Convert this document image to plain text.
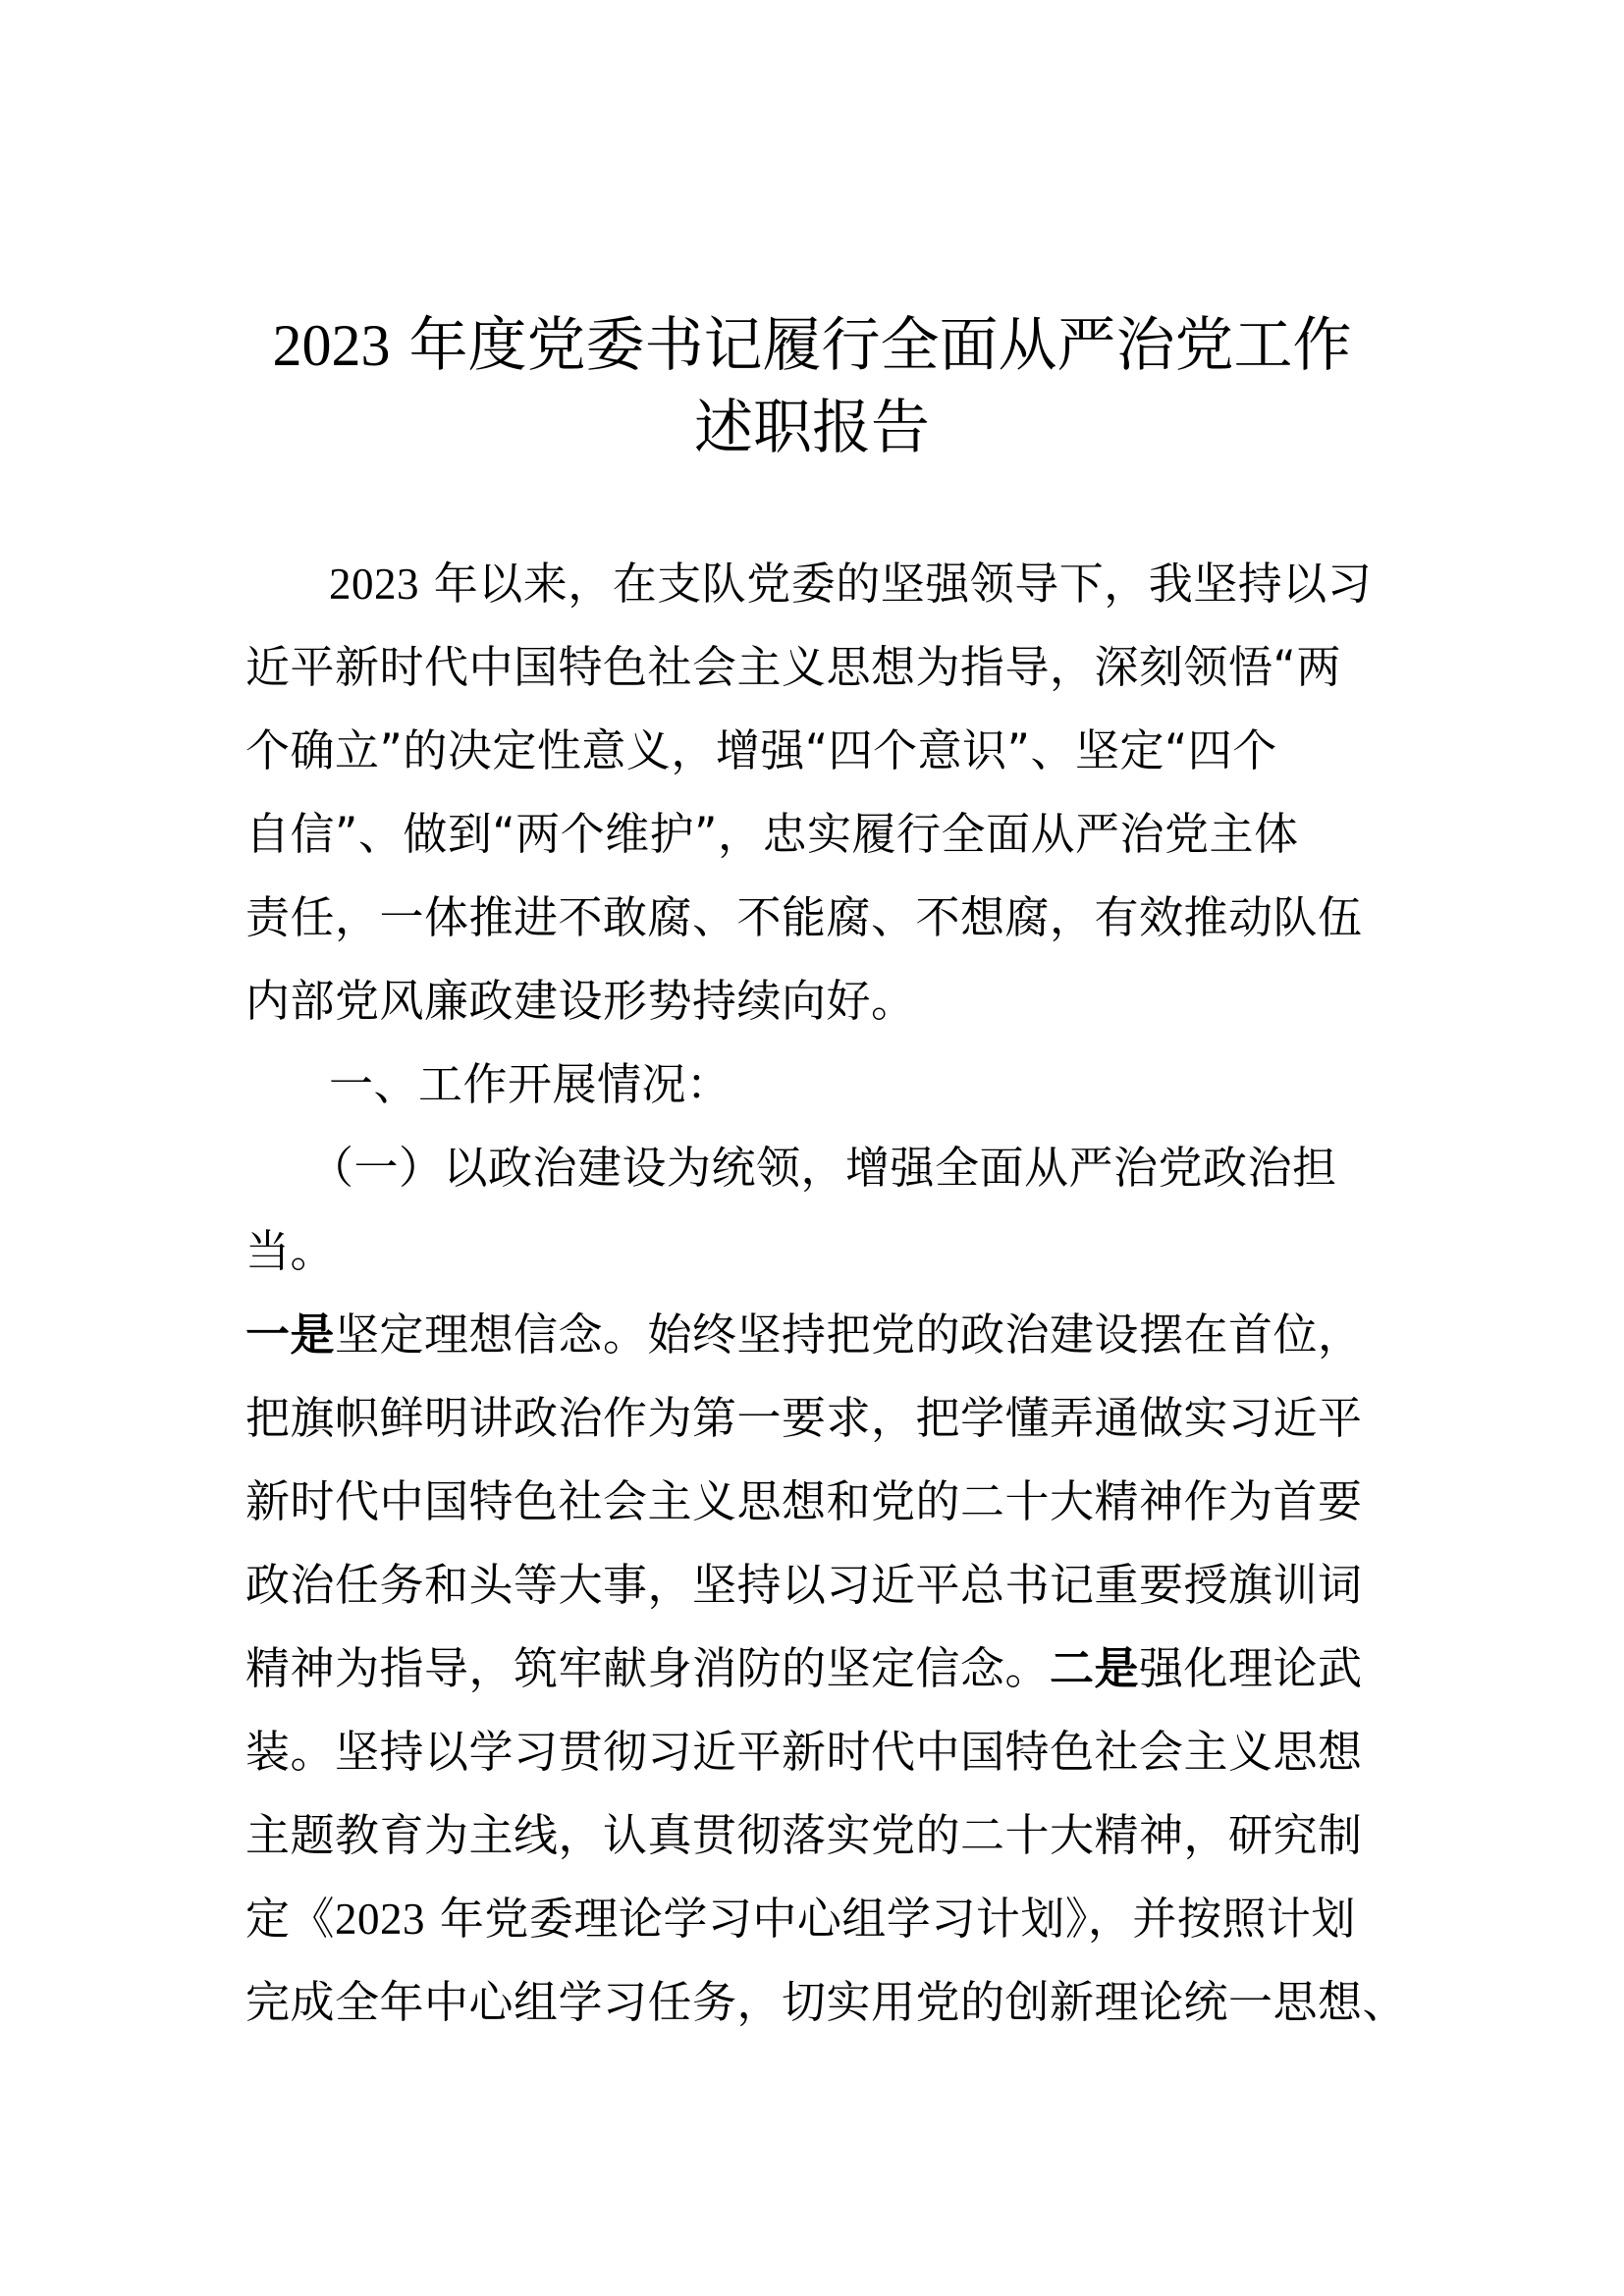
2023 年度党委书记履行全面从严治党工作
述职报告
2023 年以来，在支队党委的坚强领导下，我坚持以习
近平新时代中国特色社会主义思想为指导，深刻领悟“两
个确立”的决定性意义，增强“四个意识”、坚定“四个
自信”、做到“两个维护”，忠实履行全面从严治党主体
责任，一体推进不敢腐、不能腐、不想腐，有效推动队伍
内部党风廉政建设形势持续向好。
一、工作开展情况：
（一）以政治建设为统领，增强全面从严治党政治担
当。
一是坚定理想信念。始终坚持把党的政治建设摆在首位，
把旗帜鲜明讲政治作为第一要求，把学懂弄通做实习近平
新时代中国特色社会主义思想和党的二十大精神作为首要
政治任务和头等大事，坚持以习近平总书记重要授旗训词
精神为指导，筑牢献身消防的坚定信念。二是强化理论武
装。坚持以学习贯彻习近平新时代中国特色社会主义思想
主题教育为主线，认真贯彻落实党的二十大精神，研究制
定《2023 年党委理论学习中心组学习计划》，并按照计划
完成全年中心组学习任务，切实用党的创新理论统一思想、
